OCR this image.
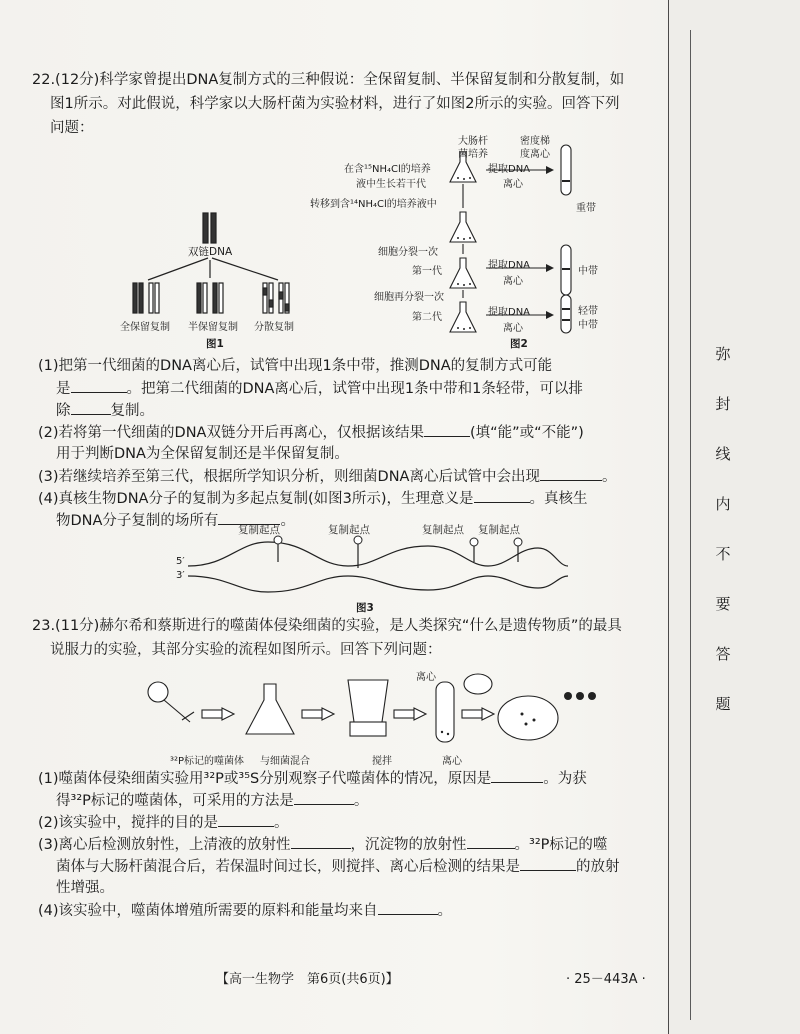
弥
封
线
内
不
要
答
题
22.(12分)科学家曾提出DNA复制方式的三种假说：全保留复制、半保留复制和分散复制，如
图1所示。对此假说，科学家以大肠杆菌为实验材料，进行了如图2所示的实验。回答下列
问题：
双链DNA
全保留复制 半保留复制 分散复制
图1
大肠杆
菌培养
密度梯
度离心
在含¹⁵NH₄Cl的培养
液中生长若干代
提取DNA
离心
重带
转移到含¹⁴NH₄Cl的培养液中
细胞分裂一次
第一代
提取DNA
离心
中带
细胞再分裂一次
第二代	提取DNA
离心
轻带
中带
图2
(1)把第一代细菌的DNA离心后，试管中出现1条中带，推测DNA的复制方式可能
是	。把第二代细菌的DNA离心后，试管中出现1条中带和1条轻带，可以排
除	复制。
(2)若将第一代细菌的DNA双链分开后再离心，仅根据该结果	(填“能”或“不能”)
用于判断DNA为全保留复制还是半保留复制。
(3)若继续培养至第三代，根据所学知识分析，则细菌DNA离心后试管中会出现	。
(4)真核生物DNA分子的复制为多起点复制(如图3所示)，生理意义是	。真核生
物DNA分子复制的场所有	。
复制起点	复制起点	复制起点 复制起点
5′
3′
图3
23.(11分)赫尔希和蔡斯进行的噬菌体侵染细菌的实验，是人类探究“什么是遗传物质”的最具
说服力的实验，其部分实验的流程如图所示。回答下列问题：
³²P标记的噬菌体 与细菌混合	搅拌
离心
离心
(1)噬菌体侵染细菌实验用³²P或³⁵S分别观察子代噬菌体的情况，原因是	。为获
得³²P标记的噬菌体，可采用的方法是	。
(2)该实验中，搅拌的目的是	。
(3)离心后检测放射性，上清液的放射性	，沉淀物的放射性	。³²P标记的噬
菌体与大肠杆菌混合后，若保温时间过长，则搅拌、离心后检测的结果是	的放射
性增强。
(4)该实验中，噬菌体增殖所需要的原料和能量均来自	。
【高一生物学　第6页(共6页)】	· 25－443A ·
